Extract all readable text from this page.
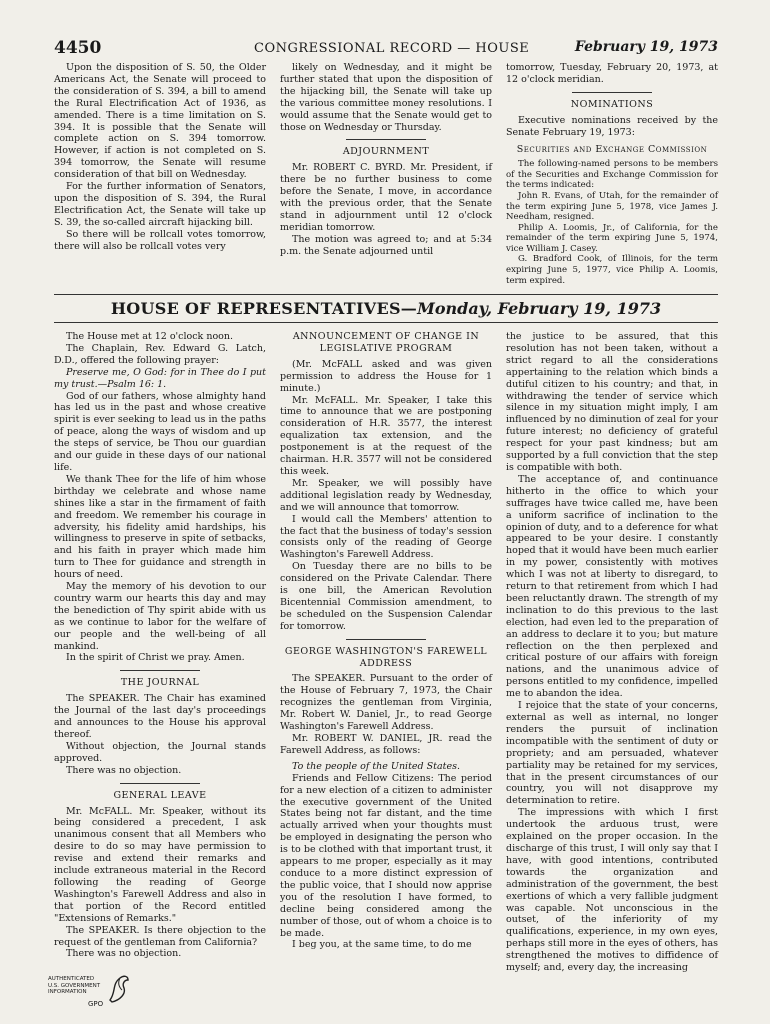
4450	CONGRESSIONAL RECORD — HOUSE	February 19, 1973

Upon the disposition of S. 50, the Older Americans Act, the Senate will proceed to the consideration of S. 394, a bill to amend the Rural Electrification Act of 1936, as amended. There is a time limitation on S. 394. It is possible that the Senate will complete action on S. 394 tomorrow. However, if action is not completed on S. 394 tomorrow, the Senate will resume consideration of that bill on Wednesday.

For the further information of Senators, upon the disposition of S. 394, the Rural Electrification Act, the Senate will take up S. 39, the so-called aircraft hijacking bill.

So there will be rollcall votes tomorrow, there will also be rollcall votes very

likely on Wednesday, and it might be further stated that upon the disposition of the hijacking bill, the Senate will take up the various committee money resolutions. I would assume that the Senate would get to those on Wednesday or Thursday.

ADJOURNMENT

Mr. ROBERT C. BYRD. Mr. President, if there be no further business to come before the Senate, I move, in accordance with the previous order, that the Senate stand in adjournment until 12 o'clock meridian tomorrow.

The motion was agreed to; and at 5:34 p.m. the Senate adjourned until

tomorrow, Tuesday, February 20, 1973, at 12 o'clock meridian.

NOMINATIONS

Executive nominations received by the Senate February 19, 1973:

Securities and Exchange Commission

The following-named persons to be members of the Securities and Exchange Commission for the terms indicated:

John R. Evans, of Utah, for the remainder of the term expiring June 5, 1978, vice James J. Needham, resigned.

Philip A. Loomis, Jr., of California, for the remainder of the term expiring June 5, 1974, vice William J. Casey.

G. Bradford Cook, of Illinois, for the term expiring June 5, 1977, vice Philip A. Loomis, term expired.

HOUSE OF REPRESENTATIVES—Monday, February 19, 1973

The House met at 12 o'clock noon.

The Chaplain, Rev. Edward G. Latch, D.D., offered the following prayer:

Preserve me, O God: for in Thee do I put my trust.—Psalm 16: 1.

God of our fathers, whose almighty hand has led us in the past and whose creative spirit is ever seeking to lead us in the paths of peace, along the ways of wisdom and up the steps of service, be Thou our guardian and our guide in these days of our national life.

We thank Thee for the life of him whose birthday we celebrate and whose name shines like a star in the firmament of faith and freedom. We remember his courage in adversity, his fidelity amid hardships, his willingness to preserve in spite of setbacks, and his faith in prayer which made him turn to Thee for guidance and strength in hours of need.

May the memory of his devotion to our country warm our hearts this day and may the benediction of Thy spirit abide with us as we continue to labor for the welfare of our people and the well-being of all mankind.

In the spirit of Christ we pray. Amen.

THE JOURNAL

The SPEAKER. The Chair has examined the Journal of the last day's proceedings and announces to the House his approval thereof.

Without objection, the Journal stands approved.

There was no objection.

GENERAL LEAVE

Mr. McFALL. Mr. Speaker, without its being considered a precedent, I ask unanimous consent that all Members who desire to do so may have permission to revise and extend their remarks and include extraneous material in the Record following the reading of George Washington's Farewell Address and also in that portion of the Record entitled "Extensions of Remarks."

The SPEAKER. Is there objection to the request of the gentleman from California?

There was no objection.

ANNOUNCEMENT OF CHANGE IN LEGISLATIVE PROGRAM

(Mr. McFALL asked and was given permission to address the House for 1 minute.)

Mr. McFALL. Mr. Speaker, I take this time to announce that we are postponing consideration of H.R. 3577, the interest equalization tax extension, and the postponement is at the request of the chairman. H.R. 3577 will not be considered this week.

Mr. Speaker, we will possibly have additional legislation ready by Wednesday, and we will announce that tomorrow.

I would call the Members' attention to the fact that the business of today's session consists only of the reading of George Washington's Farewell Address.

On Tuesday there are no bills to be considered on the Private Calendar. There is one bill, the American Revolution Bicentennial Commission amendment, to be scheduled on the Suspension Calendar for tomorrow.

GEORGE WASHINGTON'S FAREWELL ADDRESS

The SPEAKER. Pursuant to the order of the House of February 7, 1973, the Chair recognizes the gentleman from Virginia, Mr. Robert W. Daniel, Jr., to read George Washington's Farewell Address.

Mr. ROBERT W. DANIEL, JR. read the Farewell Address, as follows:

To the people of the United States.

Friends and Fellow Citizens: The period for a new election of a citizen to administer the executive government of the United States being not far distant, and the time actually arrived when your thoughts must be employed in designating the person who is to be clothed with that important trust, it appears to me proper, especially as it may conduce to a more distinct expression of the public voice, that I should now apprise you of the resolution I have formed, to decline being considered among the number of those, out of whom a choice is to be made.

I beg you, at the same time, to do me

the justice to be assured, that this resolution has not been taken, without a strict regard to all the considerations appertaining to the relation which binds a dutiful citizen to his country; and that, in withdrawing the tender of service which silence in my situation might imply, I am influenced by no diminution of zeal for your future interest; no deficiency of grateful respect for your past kindness; but am supported by a full conviction that the step is compatible with both.

The acceptance of, and continuance hitherto in the office to which your suffrages have twice called me, have been a uniform sacrifice of inclination to the opinion of duty, and to a deference for what appeared to be your desire. I constantly hoped that it would have been much earlier in my power, consistently with motives which I was not at liberty to disregard, to return to that retirement from which I had been reluctantly drawn. The strength of my inclination to do this previous to the last election, had even led to the preparation of an address to declare it to you; but mature reflection on the then perplexed and critical posture of our affairs with foreign nations, and the unanimous advice of persons entitled to my confidence, impelled me to abandon the idea.

I rejoice that the state of your concerns, external as well as internal, no longer renders the pursuit of inclination incompatible with the sentiment of duty or propriety; and am persuaded, whatever partiality may be retained for my services, that in the present circumstances of our country, you will not disapprove my determination to retire.

The impressions with which I first undertook the arduous trust, were explained on the proper occasion. In the discharge of this trust, I will only say that I have, with good intentions, contributed towards the organization and administration of the government, the best exertions of which a very fallible judgment was capable. Not unconscious in the outset, of the inferiority of my qualifications, experience, in my own eyes, perhaps still more in the eyes of others, has strengthened the motives to diffidence of myself; and, every day, the increasing

AUTHENTICATED
U.S. GOVERNMENT
INFORMATION
GPO
